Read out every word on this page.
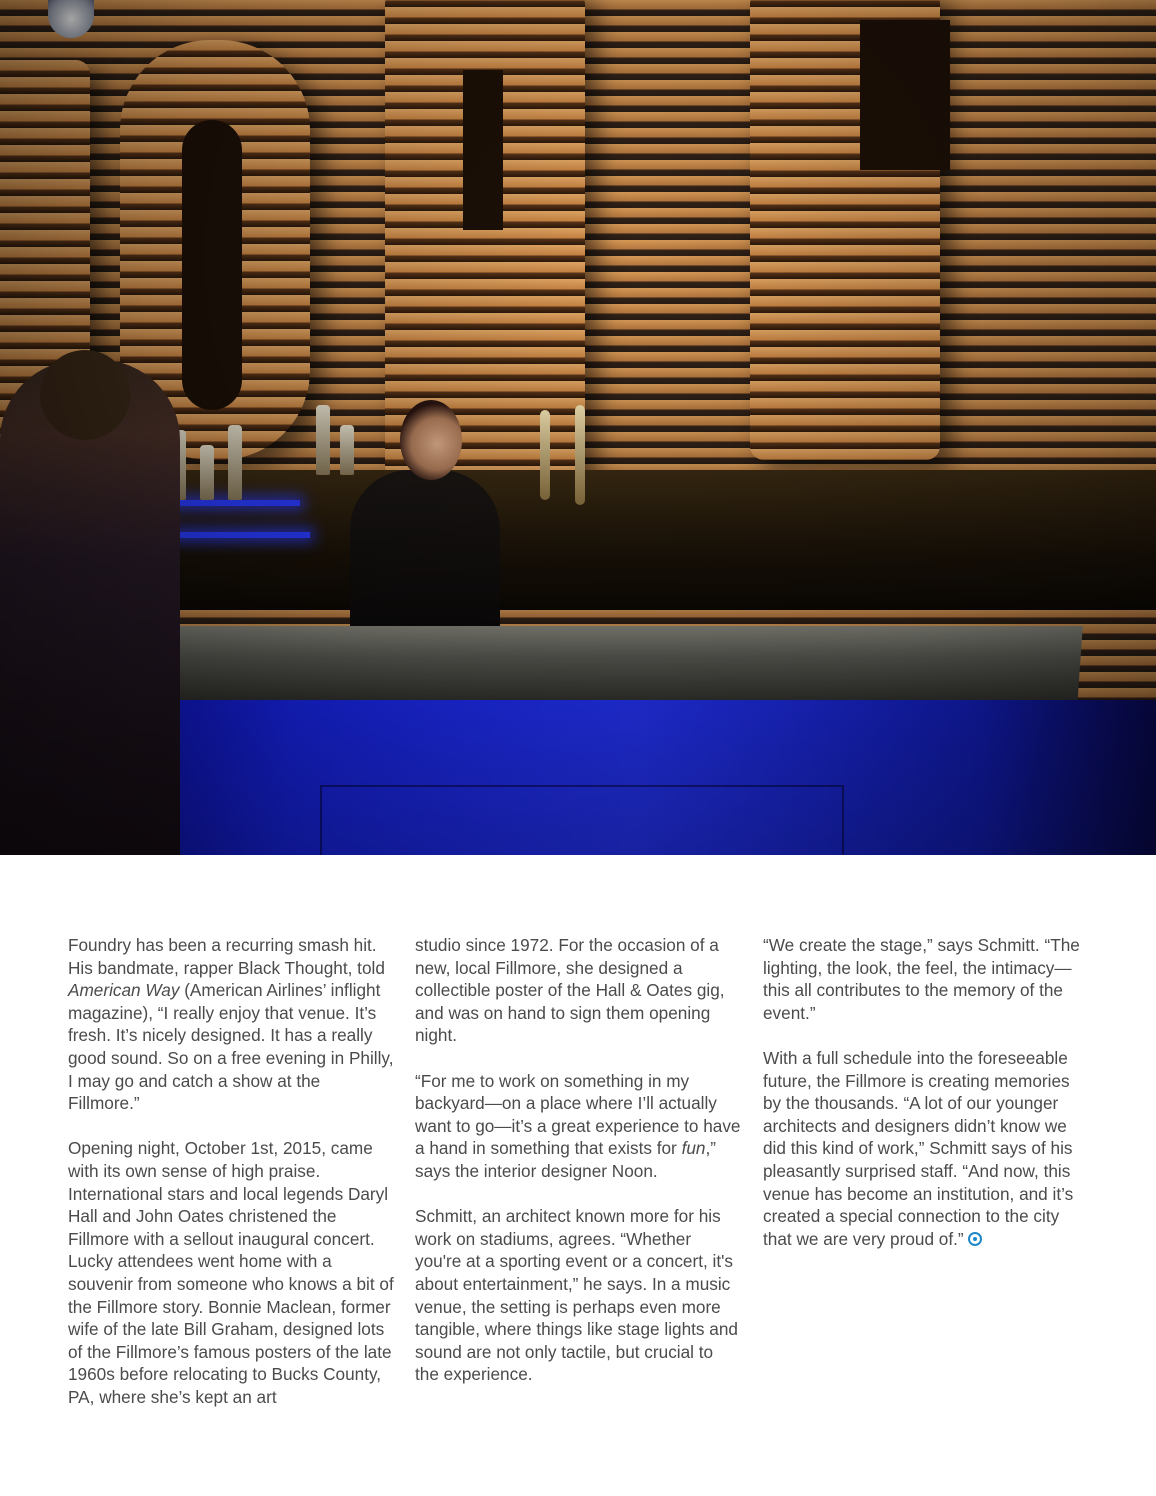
Foundry has been a recurring smash hit. His bandmate, rapper Black Thought, told American Way (American Airlines’ inflight magazine), “I really enjoy that venue. It’s fresh. It’s nicely designed. It has a really good sound. So on a free evening in Philly, I may go and catch a show at the Fillmore.”

Opening night, October 1st, 2015, came with its own sense of high praise. International stars and local legends Daryl Hall and John Oates christened the Fillmore with a sellout inaugural concert. Lucky attendees went home with a souvenir from someone who knows a bit of the Fillmore story. Bonnie Maclean, former wife of the late Bill Graham, designed lots of the Fillmore’s famous posters of the late 1960s before relocating to Bucks County, PA, where she’s kept an art

studio since 1972. For the occasion of a new, local Fillmore, she designed a collectible poster of the Hall & Oates gig, and was on hand to sign them opening night.

“For me to work on something in my backyard—on a place where I’ll actually want to go—it’s a great experience to have a hand in something that exists for fun,” says the interior designer Noon.

Schmitt, an architect known more for his work on stadiums, agrees. “Whether you're at a sporting event or a concert, it's about entertainment,” he says. In a music venue, the setting is perhaps even more tangible, where things like stage lights and sound are not only tactile, but crucial to the experience.

“We create the stage,” says Schmitt. “The lighting, the look, the feel, the intimacy—this all contributes to the memory of the event.”

With a full schedule into the foreseeable future, the Fillmore is creating memories by the thousands. “A lot of our younger architects and designers didn’t know we did this kind of work,” Schmitt says of his pleasantly surprised staff. “And now, this venue has become an institution, and it’s created a special connection to the city that we are very proud of.”
